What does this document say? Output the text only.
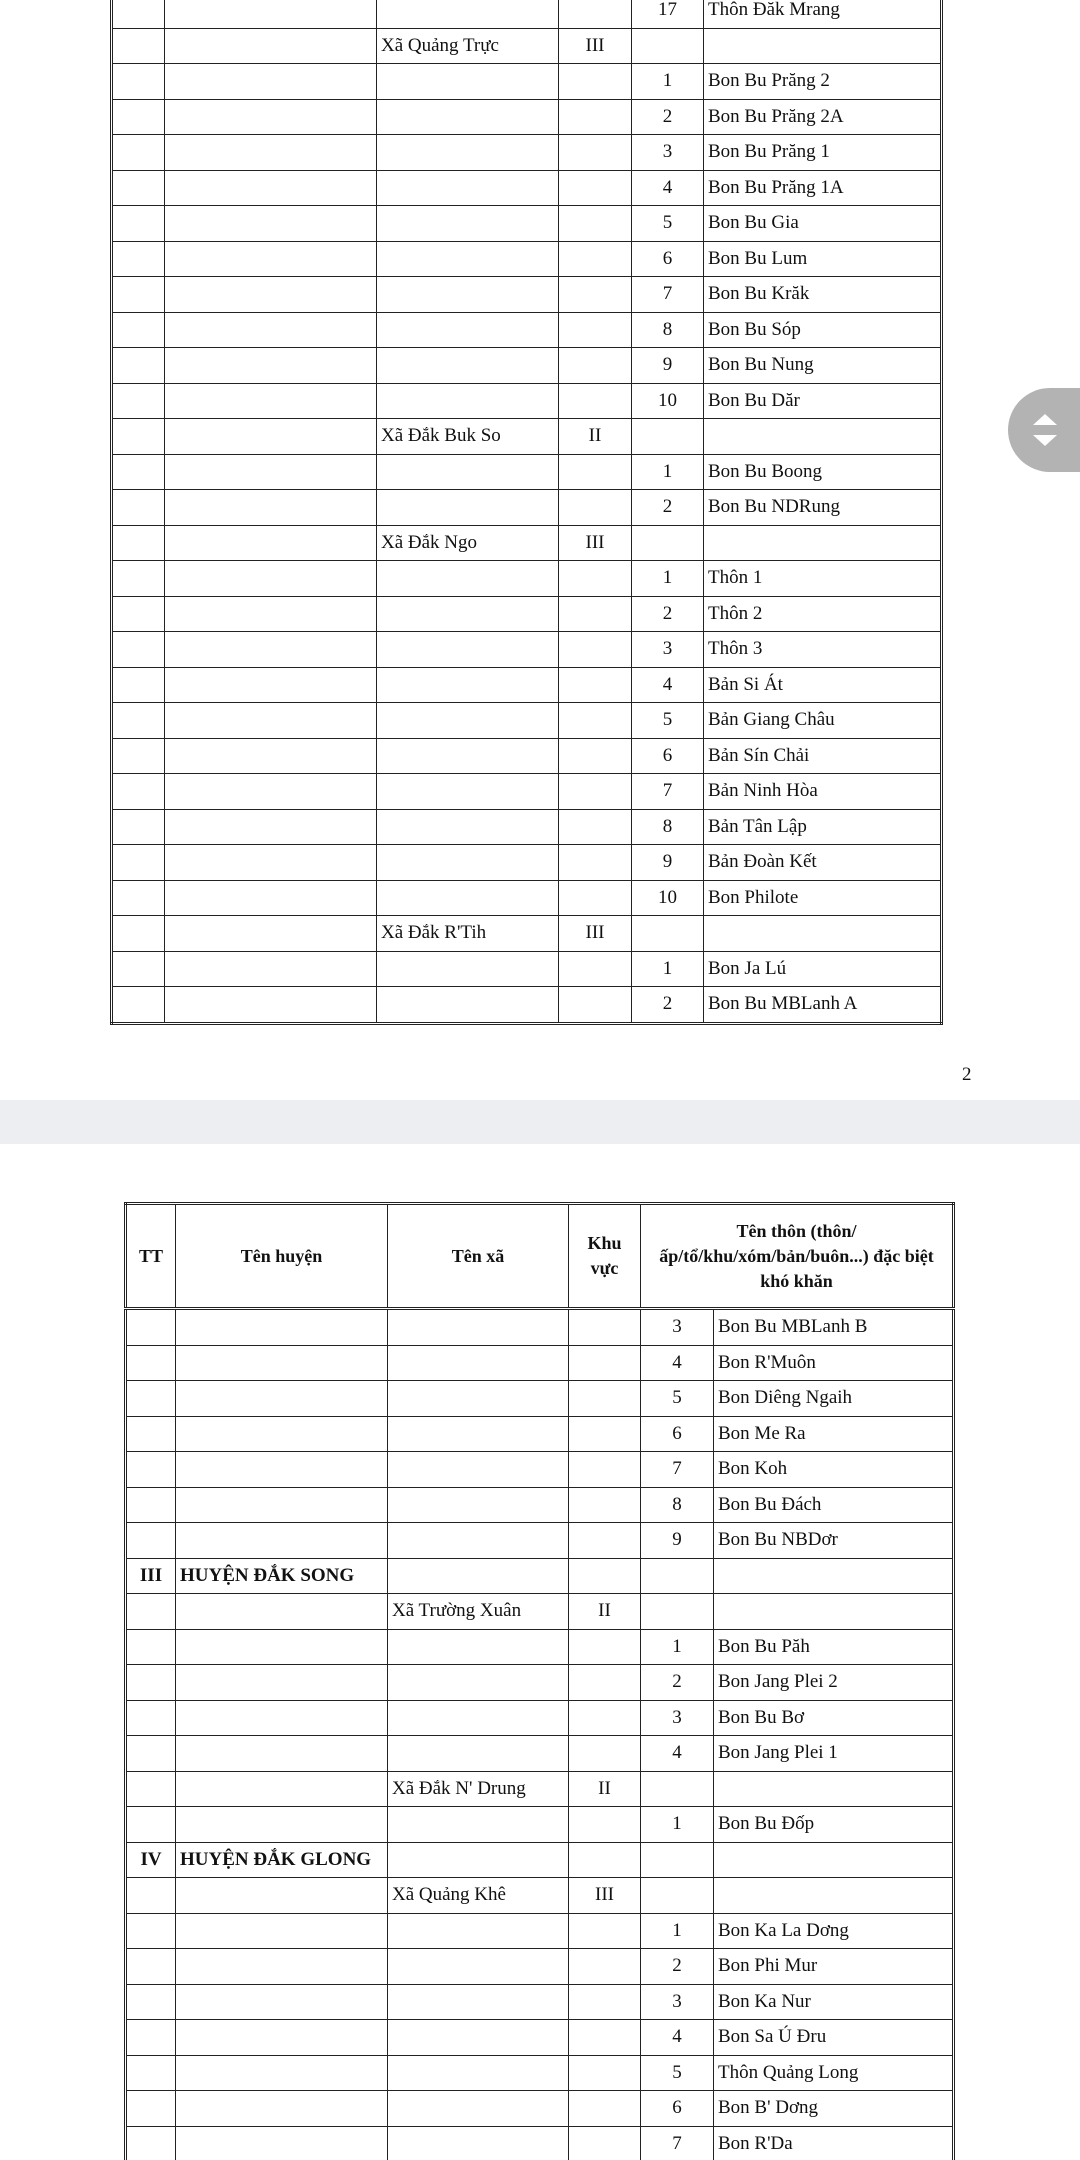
				17	Thôn Đăk Mrang
		Xã Quảng Trực	III		
				1	Bon Bu Prăng 2
				2	Bon Bu Prăng 2A
				3	Bon Bu Prăng 1
				4	Bon Bu Prăng 1A
				5	Bon Bu Gia
				6	Bon Bu Lum
				7	Bon Bu Krăk
				8	Bon Bu Sóp
				9	Bon Bu Nung
				10	Bon Bu Dăr
		Xã Đắk Buk So	II		
				1	Bon Bu Boong
				2	Bon Bu NDRung
		Xã Đắk Ngo	III		
				1	Thôn 1
				2	Thôn 2
				3	Thôn 3
				4	Bản Si Át
				5	Bản Giang Châu
				6	Bản Sín Chải
				7	Bản Ninh Hòa
				8	Bản Tân Lập
				9	Bản Đoàn Kết
				10	Bon Philote
		Xã Đắk R'Tih	III		
				1	Bon Ja Lú
				2	Bon Bu MBLanh A
2
TT	Tên huyện	Tên xã	Khu vực	Tên thôn (thôn/ấp/tổ/khu/xóm/bản/buôn...) đặc biệt khó khăn	
				3	Bon Bu MBLanh B
				4	Bon R'Muôn
				5	Bon Diêng Ngaih
				6	Bon Me Ra
				7	Bon Koh
				8	Bon Bu Đách
				9	Bon Bu NBDơr
III	HUYỆN ĐẮK SONG				
		Xã Trường Xuân	II		
				1	Bon Bu Păh
				2	Bon Jang Plei 2
				3	Bon Bu Bơ
				4	Bon Jang Plei 1
		Xã Đắk N' Drung	II		
				1	Bon Bu Đốp
IV	HUYỆN ĐẮK GLONG				
		Xã Quảng Khê	III		
				1	Bon Ka La Dơng
				2	Bon Phi Mur
				3	Bon Ka Nur
				4	Bon Sa Ú Đru
				5	Thôn Quảng Long
				6	Bon B' Dơng
				7	Bon R'Da
